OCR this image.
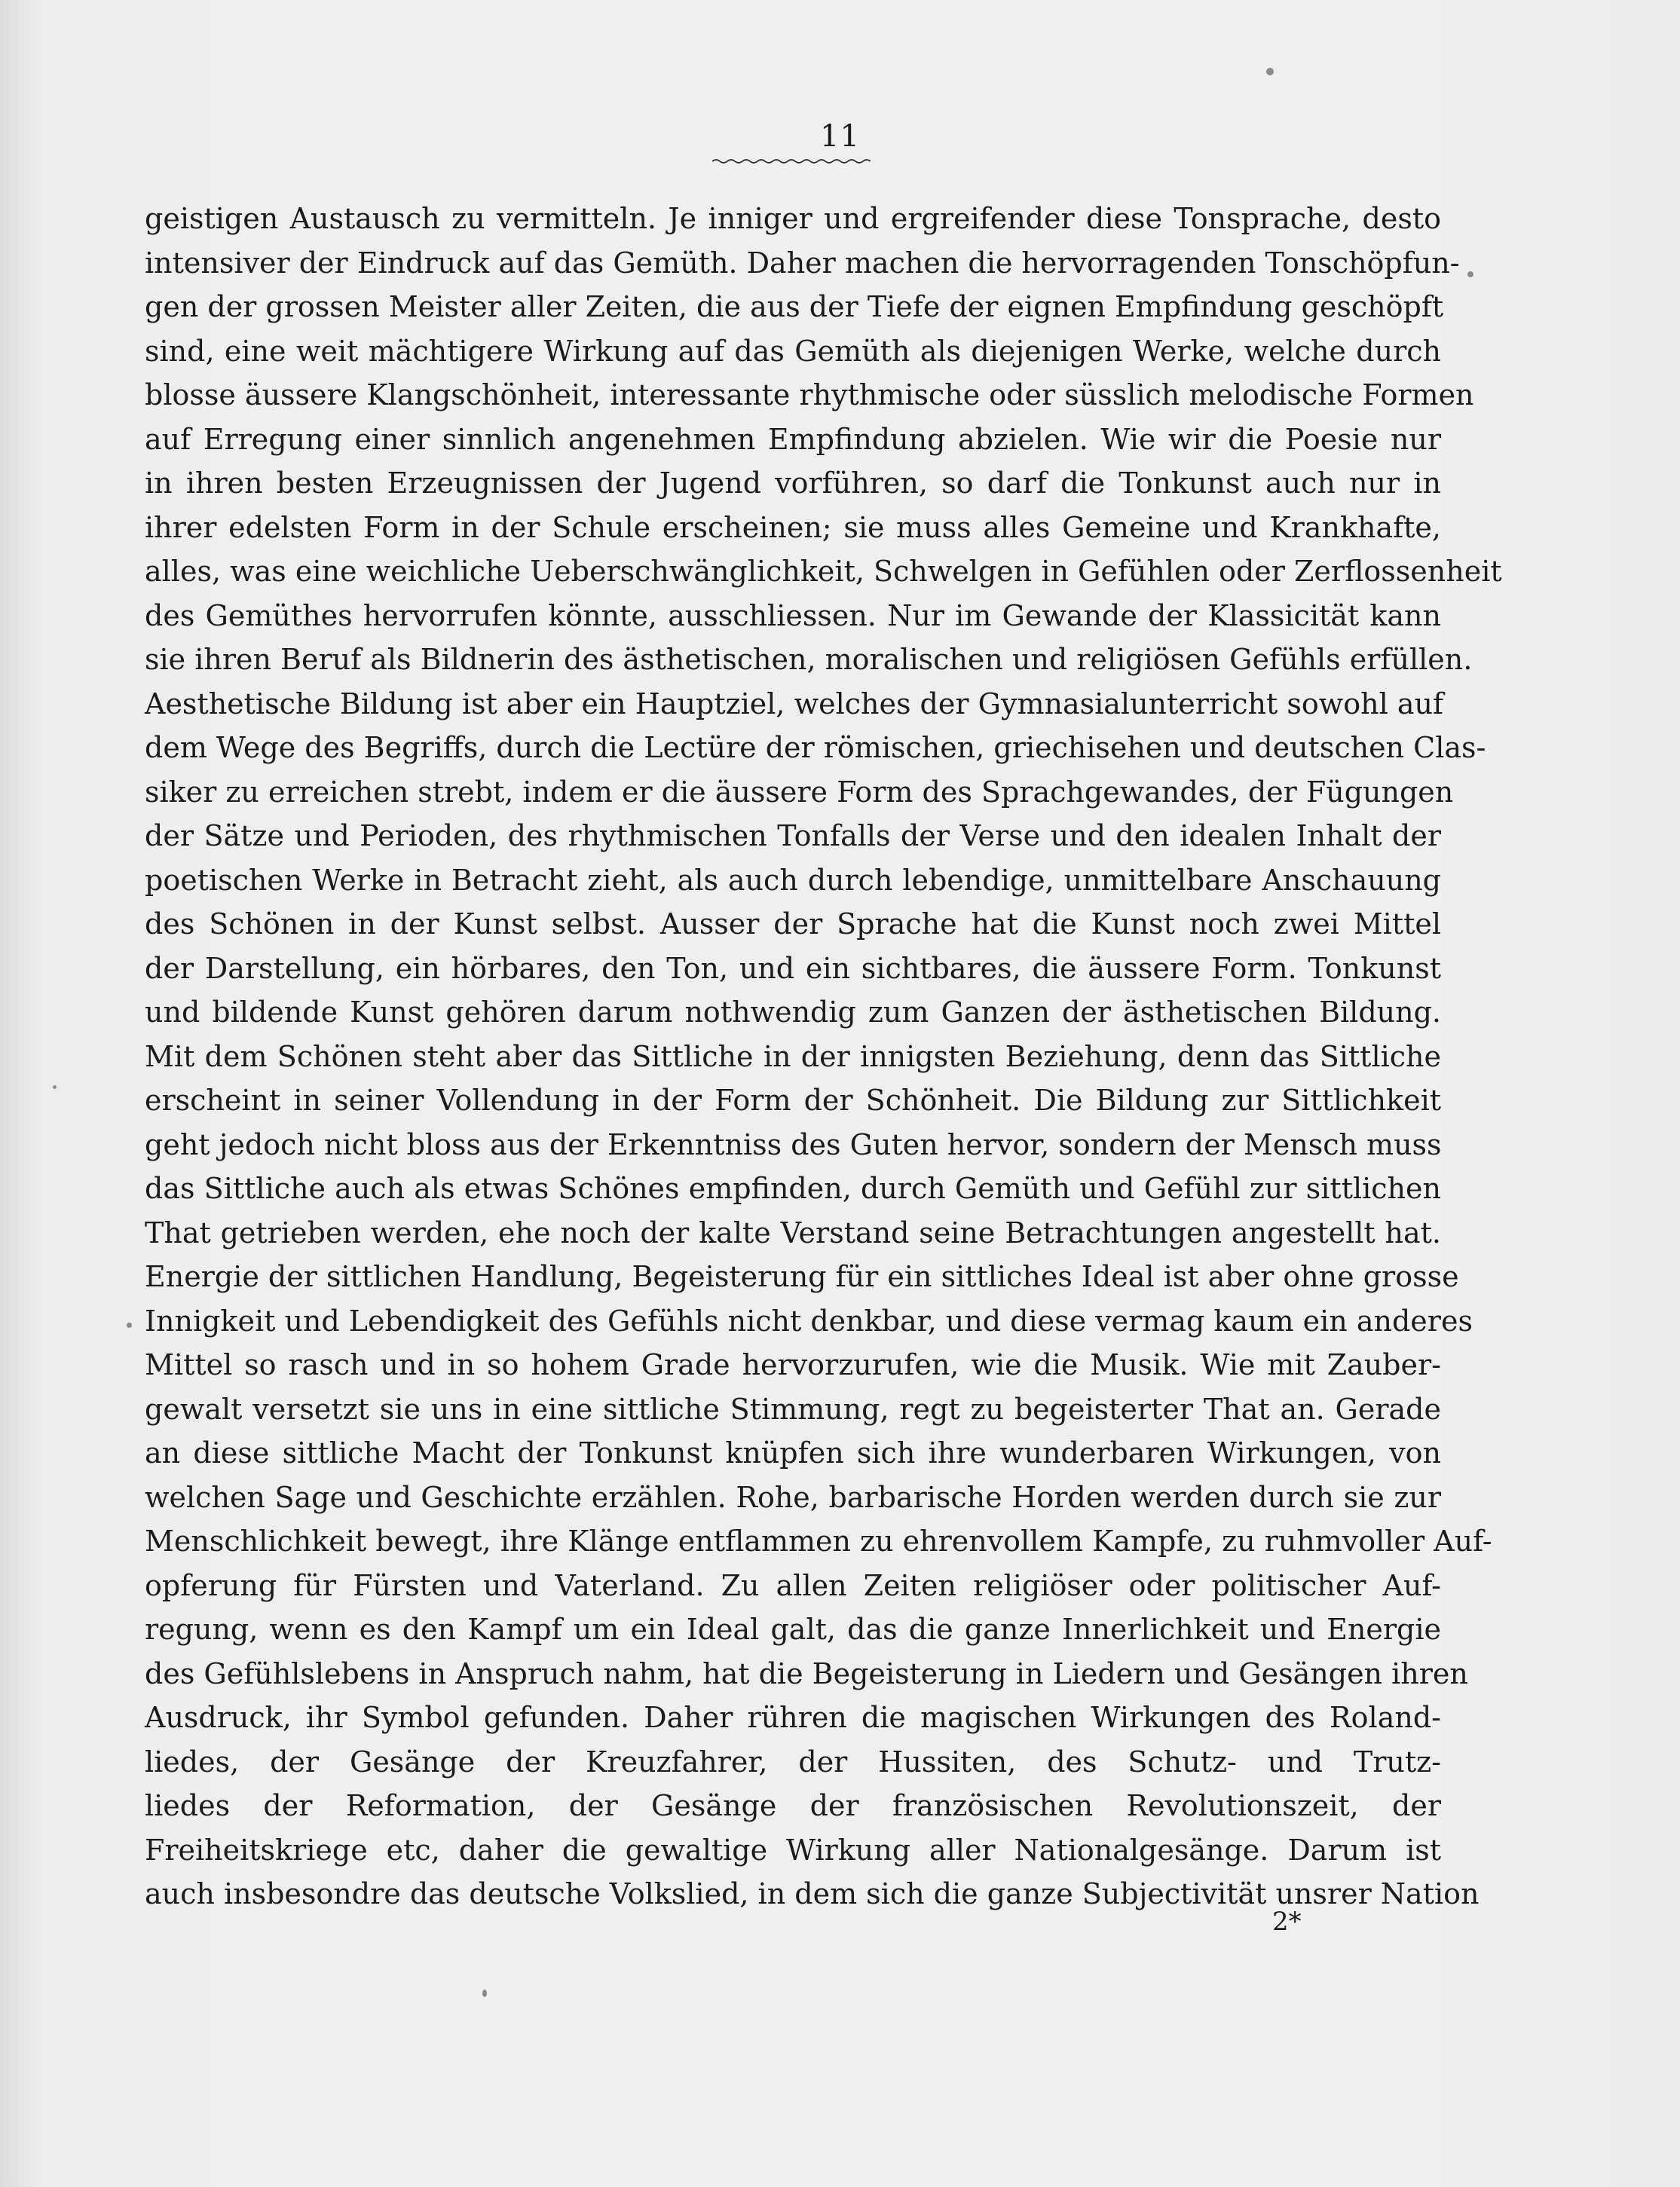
11
geistigen Austausch zu vermitteln. Je inniger und ergreifender diese Tonsprache, desto
intensiver der Eindruck auf das Gemüth. Daher machen die hervorragenden Tonschöpfun-
gen der grossen Meister aller Zeiten, die aus der Tiefe der eignen Empfindung geschöpft
sind, eine weit mächtigere Wirkung auf das Gemüth als diejenigen Werke, welche durch
blosse äussere Klangschönheit, interessante rhythmische oder süsslich melodische Formen
auf Erregung einer sinnlich angenehmen Empfindung abzielen. Wie wir die Poesie nur
in ihren besten Erzeugnissen der Jugend vorführen, so darf die Tonkunst auch nur in
ihrer edelsten Form in der Schule erscheinen; sie muss alles Gemeine und Krankhafte,
alles, was eine weichliche Ueberschwänglichkeit, Schwelgen in Gefühlen oder Zerflossenheit
des Gemüthes hervorrufen könnte, ausschliessen. Nur im Gewande der Klassicität kann
sie ihren Beruf als Bildnerin des ästhetischen, moralischen und religiösen Gefühls erfüllen.
Aesthetische Bildung ist aber ein Hauptziel, welches der Gymnasialunterricht sowohl auf
dem Wege des Begriffs, durch die Lectüre der römischen, griechisehen und deutschen Clas-
siker zu erreichen strebt, indem er die äussere Form des Sprachgewandes, der Fügungen
der Sätze und Perioden, des rhythmischen Tonfalls der Verse und den idealen Inhalt der
poetischen Werke in Betracht zieht, als auch durch lebendige, unmittelbare Anschauung
des Schönen in der Kunst selbst. Ausser der Sprache hat die Kunst noch zwei Mittel
der Darstellung, ein hörbares, den Ton, und ein sichtbares, die äussere Form. Tonkunst
und bildende Kunst gehören darum nothwendig zum Ganzen der ästhetischen Bildung.
Mit dem Schönen steht aber das Sittliche in der innigsten Beziehung, denn das Sittliche
erscheint in seiner Vollendung in der Form der Schönheit. Die Bildung zur Sittlichkeit
geht jedoch nicht bloss aus der Erkenntniss des Guten hervor, sondern der Mensch muss
das Sittliche auch als etwas Schönes empfinden, durch Gemüth und Gefühl zur sittlichen
That getrieben werden, ehe noch der kalte Verstand seine Betrachtungen angestellt hat.
Energie der sittlichen Handlung, Begeisterung für ein sittliches Ideal ist aber ohne grosse
Innigkeit und Lebendigkeit des Gefühls nicht denkbar, und diese vermag kaum ein anderes
Mittel so rasch und in so hohem Grade hervorzurufen, wie die Musik. Wie mit Zauber-
gewalt versetzt sie uns in eine sittliche Stimmung, regt zu begeisterter That an. Gerade
an diese sittliche Macht der Tonkunst knüpfen sich ihre wunderbaren Wirkungen, von
welchen Sage und Geschichte erzählen. Rohe, barbarische Horden werden durch sie zur
Menschlichkeit bewegt, ihre Klänge entflammen zu ehrenvollem Kampfe, zu ruhmvoller Auf-
opferung für Fürsten und Vaterland. Zu allen Zeiten religiöser oder politischer Auf-
regung, wenn es den Kampf um ein Ideal galt, das die ganze Innerlichkeit und Energie
des Gefühlslebens in Anspruch nahm, hat die Begeisterung in Liedern und Gesängen ihren
Ausdruck, ihr Symbol gefunden. Daher rühren die magischen Wirkungen des Roland-
liedes, der Gesänge der Kreuzfahrer, der Hussiten, des Schutz- und Trutz-
liedes der Reformation, der Gesänge der französischen Revolutionszeit, der
Freiheitskriege etc, daher die gewaltige Wirkung aller Nationalgesänge. Darum ist
auch insbesondre das deutsche Volkslied, in dem sich die ganze Subjectivität unsrer Nation
2*
